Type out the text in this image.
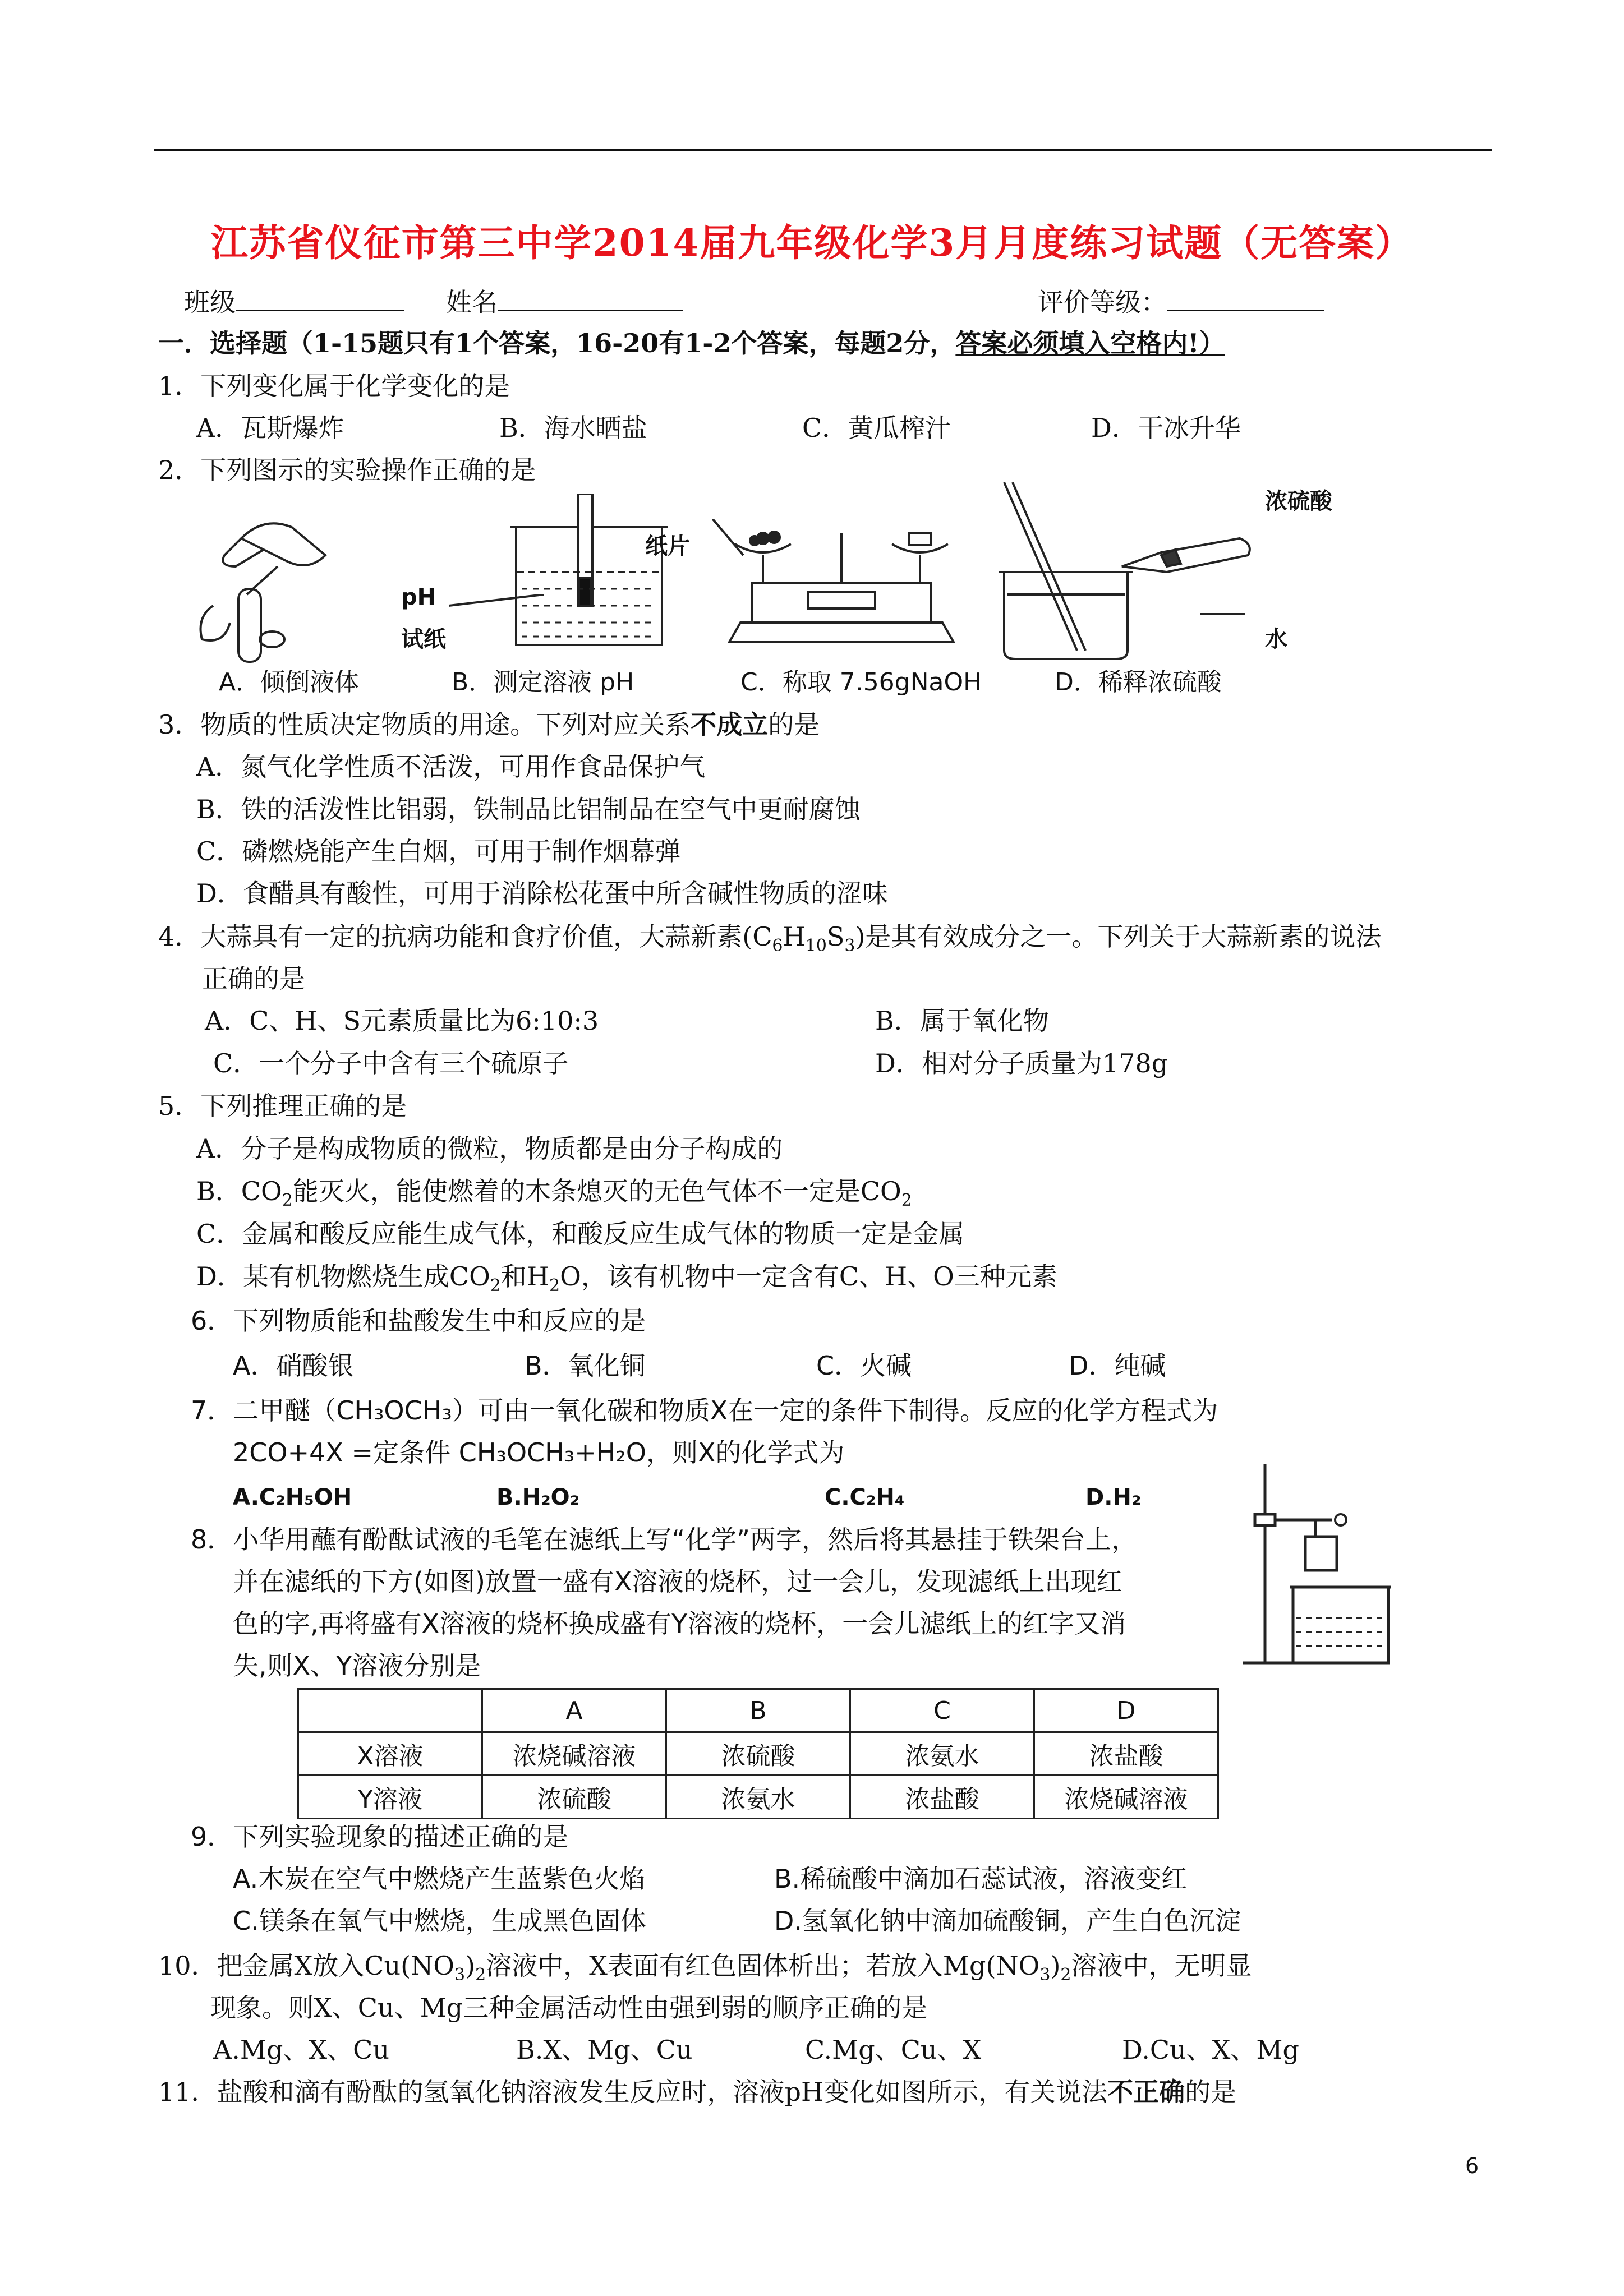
江苏省仪征市第三中学2014届九年级化学3月月度练习试题（无答案）
班级	姓名	评价等级：
一．选择题（1-15题只有1个答案，16-20有1-2个答案，每题2分，答案必须填入空格内!）
1．下列变化属于化学变化的是
A．瓦斯爆炸	B．海水晒盐	C．黄瓜榨汁	D．干冰升华
2．下列图示的实验操作正确的是
pH
试纸
纸片
浓硫酸
水
A．倾倒液体	B．测定溶液 pH	C．称取 7.56gNaOH	D．稀释浓硫酸
3．物质的性质决定物质的用途。下列对应关系不成立的是
A．氮气化学性质不活泼，可用作食品保护气
B．铁的活泼性比铝弱，铁制品比铝制品在空气中更耐腐蚀
C．磷燃烧能产生白烟，可用于制作烟幕弹
D．食醋具有酸性，可用于消除松花蛋中所含碱性物质的涩味
4．大蒜具有一定的抗病功能和食疗价值，大蒜新素$(C_6H_{10}S_3)$是其有效成分之一。下列关于大蒜新素的说法
正确的是
A．C、H、S元素质量比为6:10:3	B．属于氧化物
C．一个分子中含有三个硫原子	D．相对分子质量为178g
5．下列推理正确的是
A．分子是构成物质的微粒，物质都是由分子构成的
B．$CO_2$能灭火，能使燃着的木条熄灭的无色气体不一定是$CO_2$
C．金属和酸反应能生成气体，和酸反应生成气体的物质一定是金属
D．某有机物燃烧生成$CO_2$和$H_2O$，该有机物中一定含有C、H、O三种元素
6．下列物质能和盐酸发生中和反应的是
A．硝酸银	B．氧化铜	C．火碱	D．纯碱
7．二甲醚（CH₃OCH₃）可由一氧化碳和物质X在一定的条件下制得。反应的化学方程式为
2CO+4X =定条件 CH₃OCH₃+H₂O，则X的化学式为
A.C₂H₅OH	B.H₂O₂	C.C₂H₄	D.H₂
8．小华用蘸有酚酞试液的毛笔在滤纸上写“化学”两字，然后将其悬挂于铁架台上，
并在滤纸的下方(如图)放置一盛有X溶液的烧杯，过一会儿，发现滤纸上出现红
色的字,再将盛有X溶液的烧杯换成盛有Y溶液的烧杯，一会儿滤纸上的红字又消
失,则X、Y溶液分别是
	A	B	C	D
X溶液	浓烧碱溶液	浓硫酸	浓氨水	浓盐酸
Y溶液	浓硫酸	浓氨水	浓盐酸	浓烧碱溶液
9．下列实验现象的描述正确的是
A.木炭在空气中燃烧产生蓝紫色火焰	B.稀硫酸中滴加石蕊试液，溶液变红
C.镁条在氧气中燃烧，生成黑色固体	D.氢氧化钠中滴加硫酸铜，产生白色沉淀
10．把金属X放入$Cu(NO_3)_2$溶液中，X表面有红色固体析出；若放入$Mg(NO_3)_2$溶液中，无明显
现象。则X、Cu、Mg三种金属活动性由强到弱的顺序正确的是
A.Mg、X、Cu	B.X、Mg、Cu	C.Mg、Cu、X	D.Cu、X、Mg
11．盐酸和滴有酚酞的氢氧化钠溶液发生反应时，溶液pH变化如图所示，有关说法不正确的是
6
